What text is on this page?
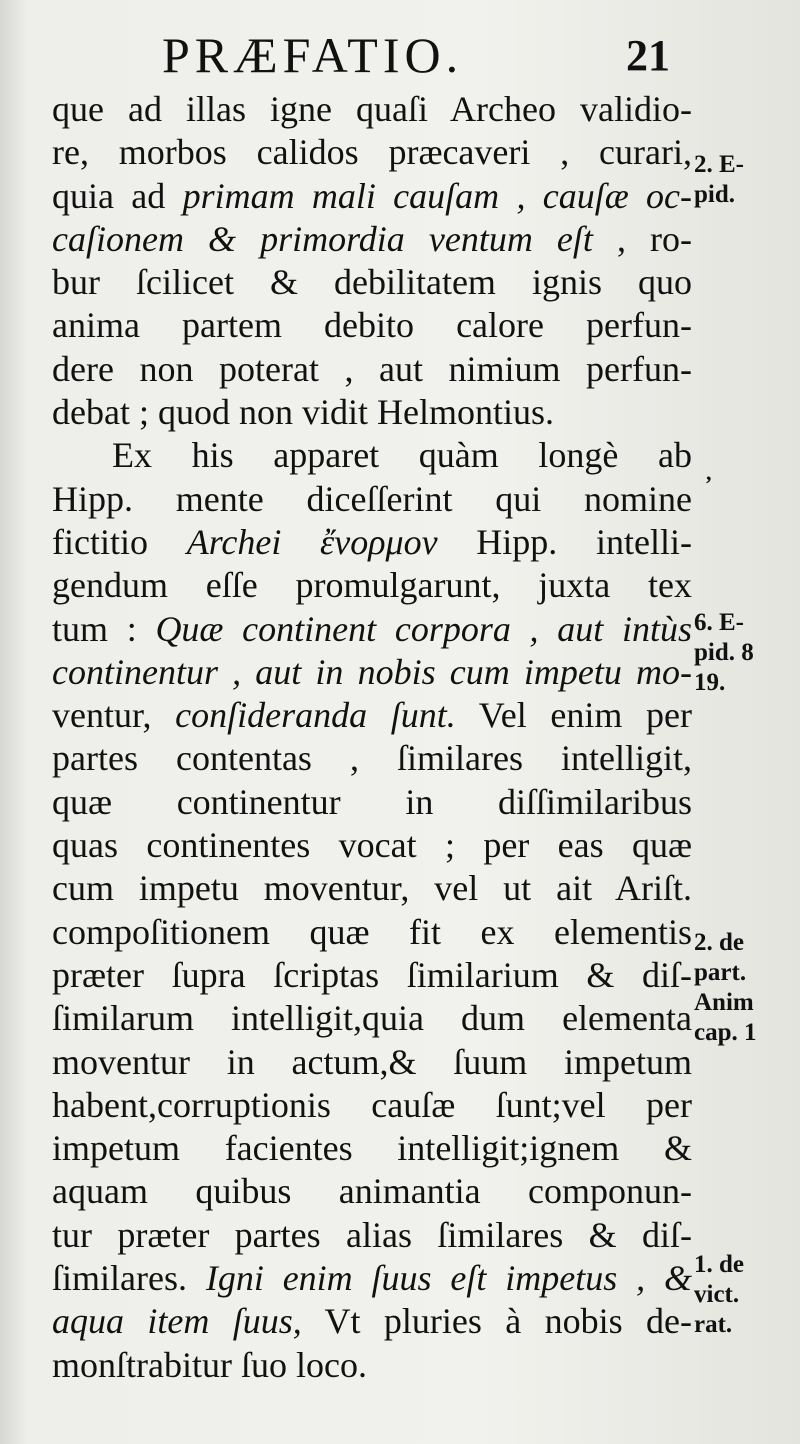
PRÆFATIO.	21
que ad illas igne quaſi Archeo validio-
re, morbos calidos præcaveri , curari,
quia ad primam mali cauſam , cauſæ oc-
caſionem & primordia ventum eſt , ro-
bur ſcilicet & debilitatem ignis quo
anima partem debito calore perfun-
dere non poterat , aut nimium perfun-
debat ; quod non vidit Helmontius.
Ex his apparet quàm longè ab
Hipp. mente diceſſerint qui nomine
fictitio Archei ἔνορμον Hipp. intelli-
gendum eſſe promulgarunt, juxta tex
tum : Quæ continent corpora , aut intùs
continentur , aut in nobis cum impetu mo-
ventur, conſideranda ſunt. Vel enim per
partes contentas , ſimilares intelligit,
quæ continentur in diſſimilaribus
quas continentes vocat ; per eas quæ
cum impetu moventur, vel ut ait Ariſt.
compoſitionem quæ fit ex elementis
præter ſupra ſcriptas ſimilarium & diſ-
ſimilarum intelligit,quia dum elementa
moventur in actum,& ſuum impetum
habent,corruptionis cauſæ ſunt;vel per
impetum facientes intelligit;ignem &
aquam quibus animantia componun-
tur præter partes alias ſimilares & diſ-
ſimilares. Igni enim ſuus eſt impetus , &
aqua item ſuus, Vt pluries à nobis de-
monſtrabitur ſuo loco.
2. E-
pid.
6. E-
pid. 8
19.
2. de
part.
Anim
cap. 1
1. de
vict.
rat.
,
